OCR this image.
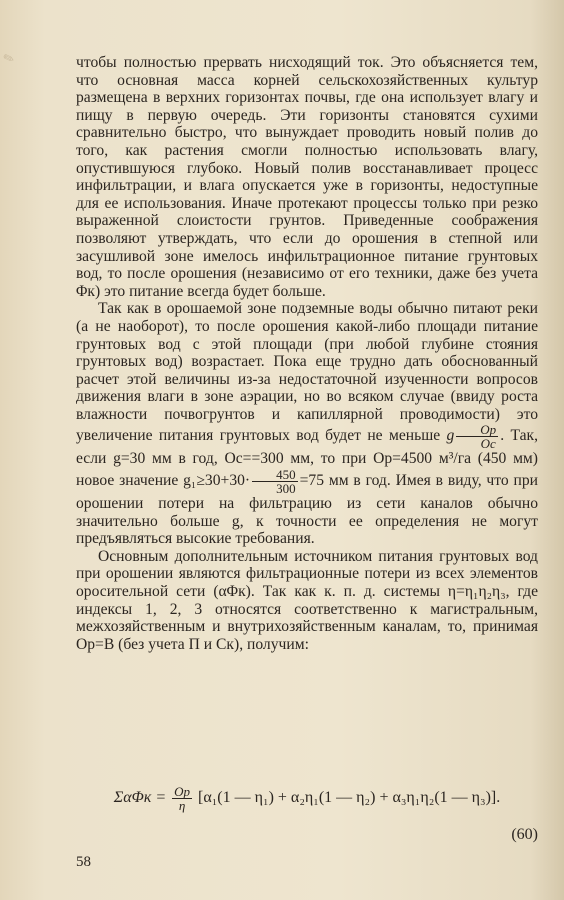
✎	чтобы полностью прервать нисходящий ток. Это объясняется тем, что основная масса корней сельскохозяйственных культур размещена в верхних горизонтах почвы, где она использует влагу и пищу в первую очередь. Эти горизонты становятся сухими сравнительно быстро, что вынуждает проводить новый полив до того, как растения смогли полностью использовать влагу, опустившуюся глубоко. Новый полив восстанавливает процесс инфильтрации, и влага опускается уже в горизонты, недоступные для ее использования. Иначе протекают процессы только при резко выраженной слоистости грунтов. Приведенные соображения позволяют утверждать, что если до орошения в степной или засушливой зоне имелось инфильтрационное питание грунтовых вод, то после орошения (независимо от его техники, даже без учета Φк) это питание всегда будет больше.

Так как в орошаемой зоне подземные воды обычно питают реки (а не наоборот), то после орошения какой-либо площади питание грунтовых вод с этой площади (при любой глубине стояния грунтовых вод) возрастает. Пока еще трудно дать обоснованный расчет этой величины из-за недостаточной изученности вопросов движения влаги в зоне аэрации, но во всяком случае (ввиду роста влажности почвогрунтов и капиллярной проводимости) это увеличение питания грунтовых вод будет не меньше g $\frac{Op}{Oc}$ . Так, если g=30 мм в год, Oc==300 мм, то при Op=4500 м³/га (450 мм) новое значение $g_1\ge 30+30\cdot \frac{450}{300} =75$ мм в год. Имея в виду, что при орошении потери на фильтрацию из сети каналов обычно значительно больше g, к точности ее определения не могут предъявляться высокие требования.

Основным дополнительным источником питания грунтовых вод при орошении являются фильтрационные потери из всех элементов оросительной сети (αΦк). Так как к. п. д. системы η=η₁η₂η₃, где индексы 1, 2, 3 относятся соответственно к магистральным, межхозяйственным и внутрихозяйственным каналам, то, принимая Op=B (без учета П и Cк), получим:

$\Sigma\alpha\Phi к = \frac{Op}{\eta} [\alpha_1(1$ — η₁) + α₂η₁(1 — η₂) + α₃η₁η₂(1 — η₃)].
(60)
58
